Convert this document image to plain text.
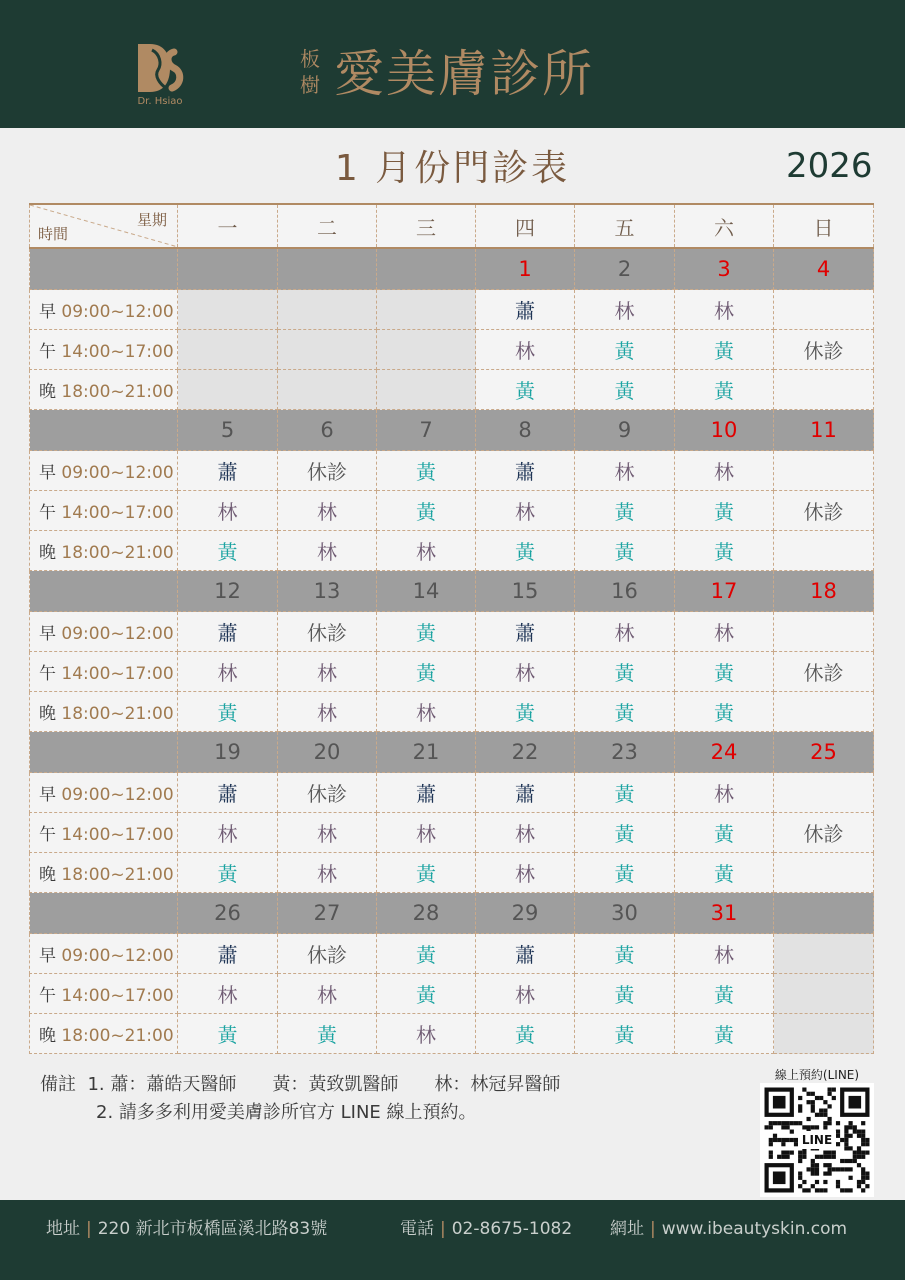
Dr. Hsiao
板樹 愛美膚診所
1 月份門診表	2026
星期
時間	一	二	三	四	五	六	日
				1	2	3	4
早 09:00~12:00				蕭	林	林	
午 14:00~17:00				林	黃	黃	休診
晚 18:00~21:00				黃	黃	黃	
	5	6	7	8	9	10	11
早 09:00~12:00	蕭	休診	黃	蕭	林	林	
午 14:00~17:00	林	林	黃	林	黃	黃	休診
晚 18:00~21:00	黃	林	林	黃	黃	黃	
	12	13	14	15	16	17	18
早 09:00~12:00	蕭	休診	黃	蕭	林	林	
午 14:00~17:00	林	林	黃	林	黃	黃	休診
晚 18:00~21:00	黃	林	林	黃	黃	黃	
	19	20	21	22	23	24	25
早 09:00~12:00	蕭	休診	蕭	蕭	黃	林	
午 14:00~17:00	林	林	林	林	黃	黃	休診
晚 18:00~21:00	黃	林	黃	林	黃	黃	
	26	27	28	29	30	31	
早 09:00~12:00	蕭	休診	黃	蕭	黃	林	
午 14:00~17:00	林	林	黃	林	黃	黃	
晚 18:00~21:00	黃	黃	林	黃	黃	黃	
備註 1. 蕭：蕭皓天醫師　　黃：黃致凱醫師　　林：林冠昇醫師
2. 請多多利用愛美膚診所官方 LINE 線上預約。
線上預約(LINE)
LINE
地址 | 220 新北市板橋區溪北路83號	電話 | 02-8675-1082 網址 | www.ibeautyskin.com
